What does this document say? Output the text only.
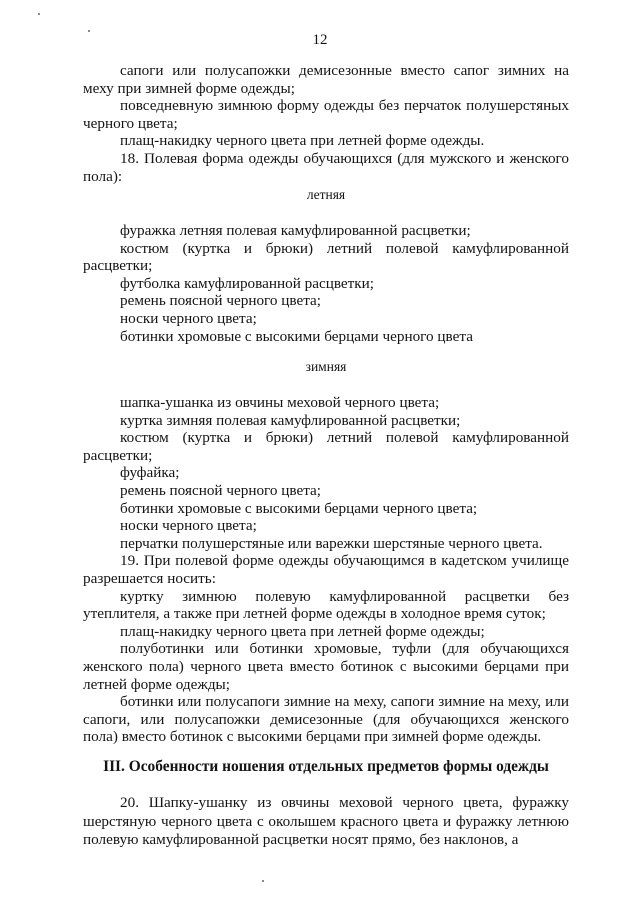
12

сапоги или полусапожки демисезонные вместо сапог зимних на меху при зимней форме одежды;

повседневную зимнюю форму одежды без перчаток полушерстяных черного цвета;

плащ-накидку черного цвета при летней форме одежды.

18. Полевая форма одежды обучающихся (для мужского и женского пола):

летняя

фуражка летняя полевая камуфлированной расцветки;

костюм (куртка и брюки) летний полевой камуфлированной расцветки;

футболка камуфлированной расцветки;

ремень поясной черного цвета;

носки черного цвета;

ботинки хромовые с высокими берцами черного цвета

зимняя

шапка-ушанка из овчины меховой черного цвета;

куртка зимняя полевая камуфлированной расцветки;

костюм (куртка и брюки) летний полевой камуфлированной расцветки;

фуфайка;

ремень поясной черного цвета;

ботинки хромовые с высокими берцами черного цвета;

носки черного цвета;

перчатки полушерстяные или варежки шерстяные черного цвета.

19. При полевой форме одежды обучающимся в кадетском училище разрешается носить:

куртку зимнюю полевую камуфлированной расцветки без утеплителя, а также при летней форме одежды в холодное время суток;

плащ-накидку черного цвета при летней форме одежды;

полуботинки или ботинки хромовые, туфли (для обучающихся женского пола) черного цвета вместо ботинок с высокими берцами при летней форме одежды;

ботинки или полусапоги зимние на меху, сапоги зимние на меху, или сапоги, или полусапожки демисезонные (для обучающихся женского пола) вместо ботинок с высокими берцами при зимней форме одежды.

III. Особенности ношения отдельных предметов формы одежды

20. Шапку-ушанку из овчины меховой черного цвета, фуражку шерстяную черного цвета с околышем красного цвета и фуражку летнюю полевую камуфлированной расцветки носят прямо, без наклонов, а
